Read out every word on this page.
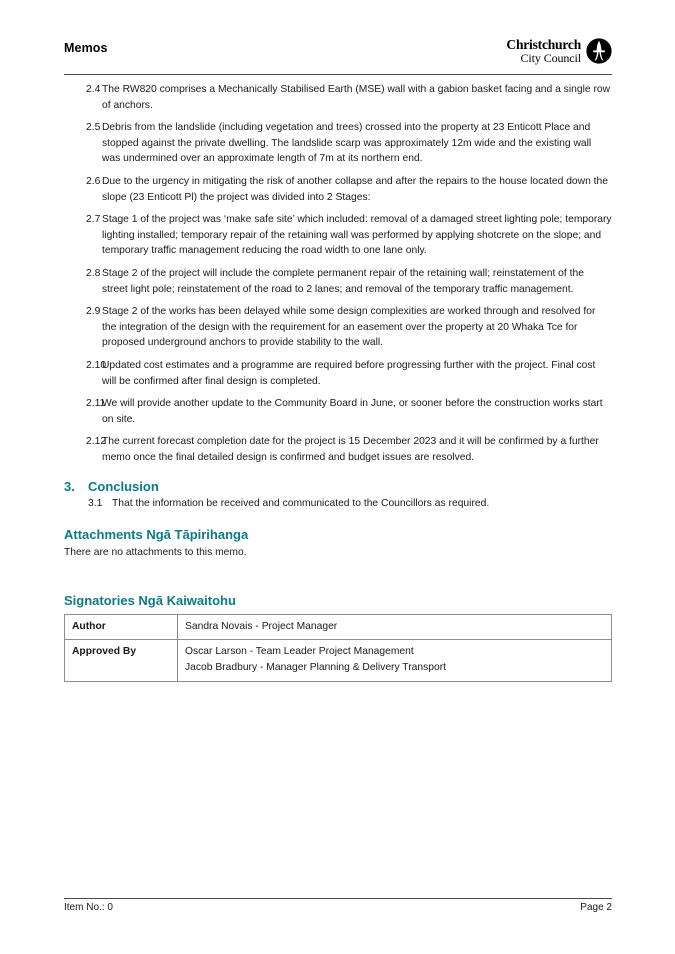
Memos	Christchurch
City Council
2.4 The RW820 comprises a Mechanically Stabilised Earth (MSE) wall with a gabion basket facing and a single row of anchors.
2.5 Debris from the landslide (including vegetation and trees) crossed into the property at 23 Enticott Place and stopped against the private dwelling. The landslide scarp was approximately 12m wide and the existing wall was undermined over an approximate length of 7m at its northern end.
2.6 Due to the urgency in mitigating the risk of another collapse and after the repairs to the house located down the slope (23 Enticott Pl) the project was divided into 2 Stages:
2.7 Stage 1 of the project was ‘make safe site’ which included: removal of a damaged street lighting pole; temporary lighting installed; temporary repair of the retaining wall was performed by applying shotcrete on the slope; and temporary traffic management reducing the road width to one lane only.
2.8 Stage 2 of the project will include the complete permanent repair of the retaining wall; reinstatement of the street light pole; reinstatement of the road to 2 lanes; and removal of the temporary traffic management.
2.9 Stage 2 of the works has been delayed while some design complexities are worked through and resolved for the integration of the design with the requirement for an easement over the property at 20 Whaka Tce for proposed underground anchors to provide stability to the wall.
2.10
Updated cost estimates and a programme are required before progressing further with the project. Final cost will be confirmed after final design is completed.
2.11
We will provide another update to the Community Board in June, or sooner before the construction works start on site.
2.12
The current forecast completion date for the project is 15 December 2023 and it will be confirmed by a further memo once the final detailed design is confirmed and budget issues are resolved.
3.	Conclusion
3.1 That the information be received and communicated to the Councillors as required.
Attachments Ngā Tāpirihanga
There are no attachments to this memo.
Signatories Ngā Kaiwaitohu
Author	Sandra Novais - Project Manager

Approved By	Oscar Larson - Team Leader Project Management
Jacob Bradbury - Manager Planning & Delivery Transport
Item No.: 0	Page 2
